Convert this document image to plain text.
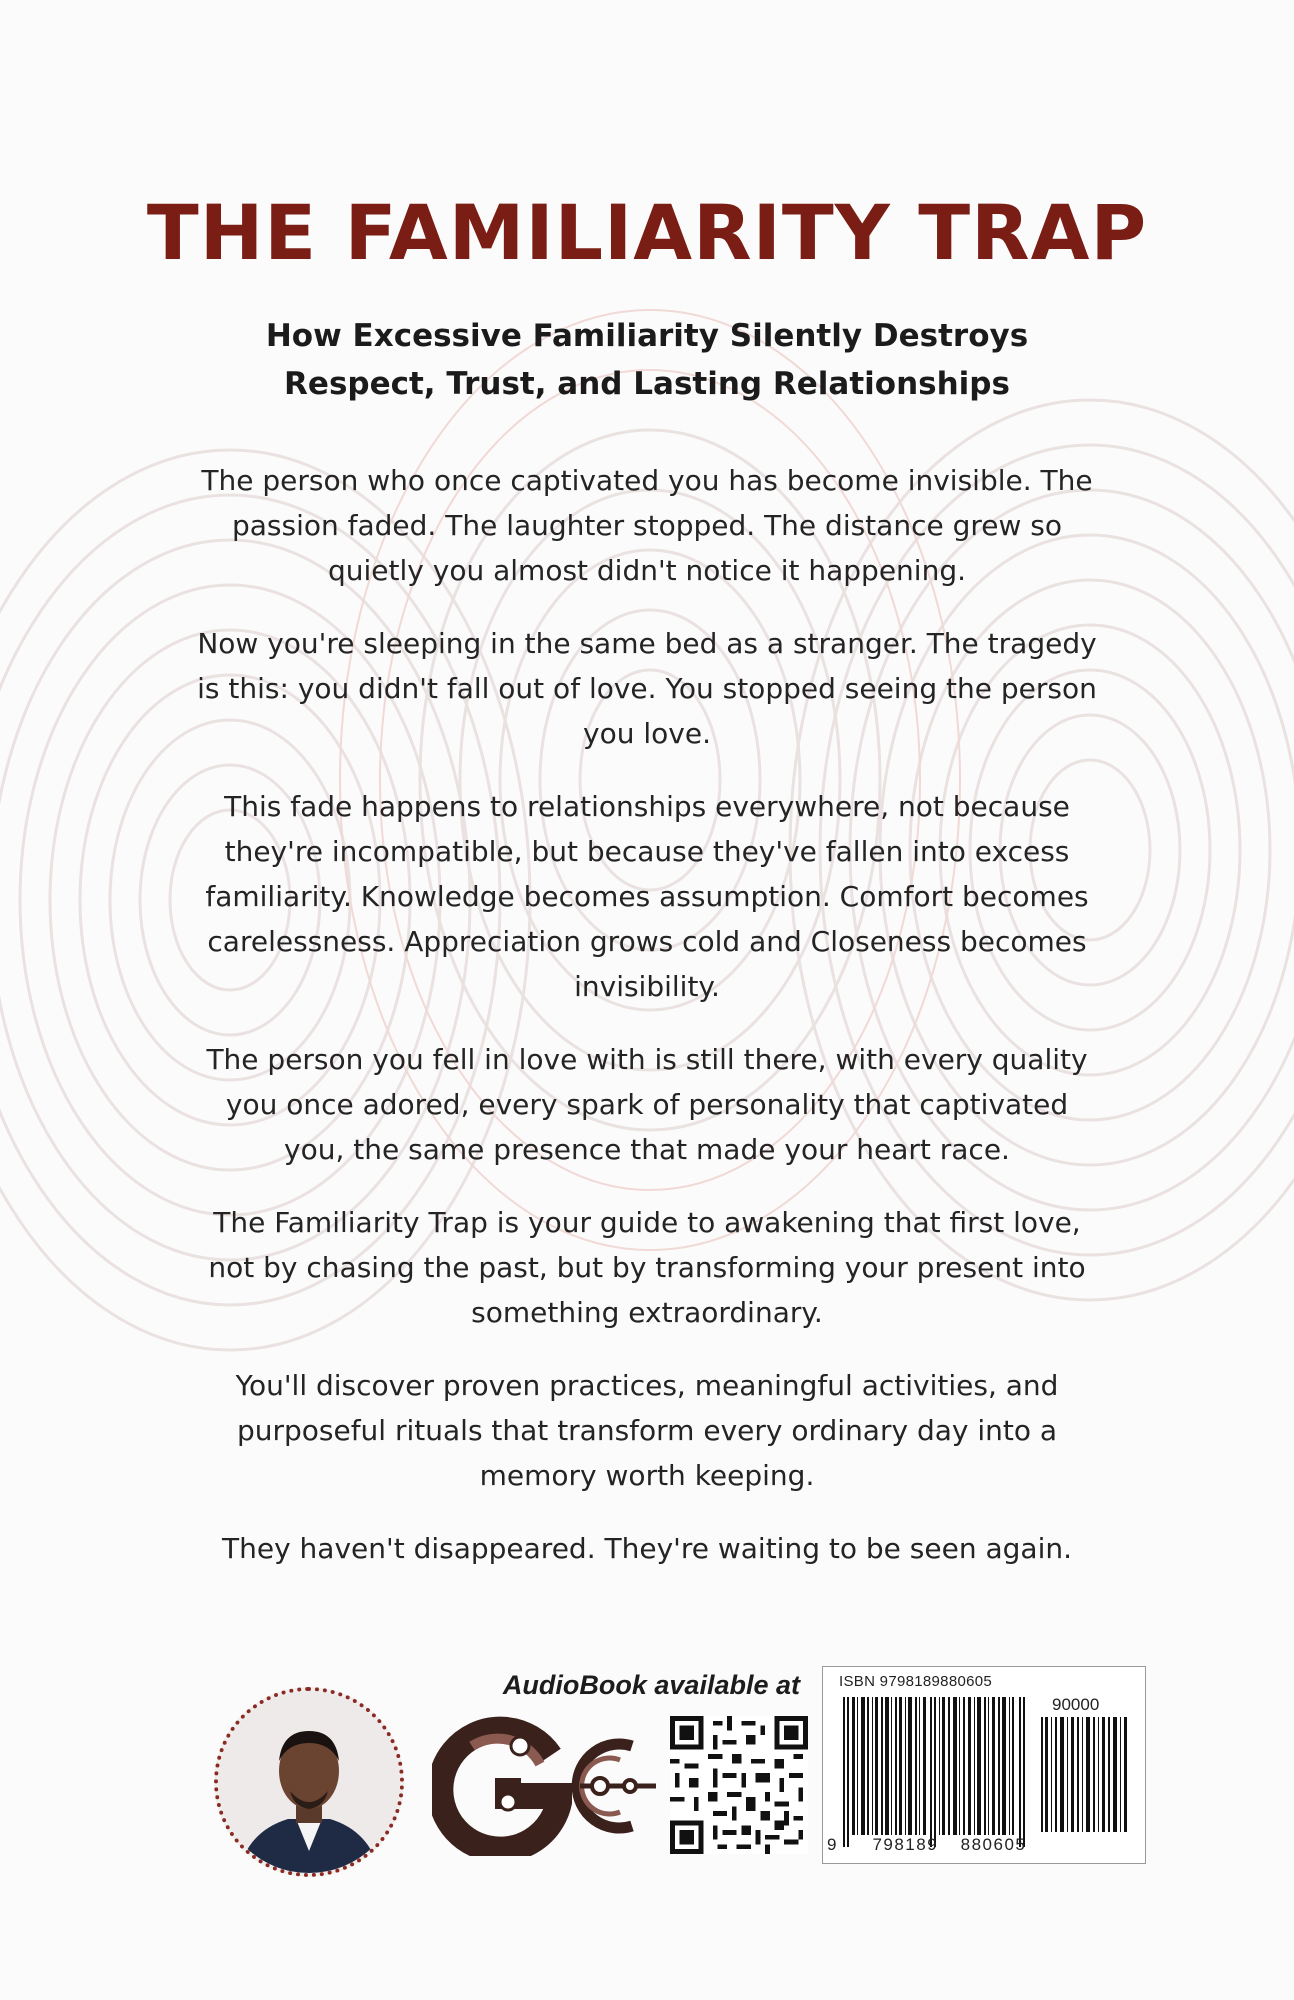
THE FAMILIARITY TRAP
How Excessive Familiarity Silently Destroys
Respect, Trust, and Lasting Relationships

The person who once captivated you has become invisible. The passion faded. The laughter stopped. The distance grew so quietly you almost didn't notice it happening.

Now you're sleeping in the same bed as a stranger. The tragedy is this: you didn't fall out of love. You stopped seeing the person you love.

This fade happens to relationships everywhere, not because they're incompatible, but because they've fallen into excess familiarity. Knowledge becomes assumption. Comfort becomes carelessness. Appreciation grows cold and Closeness becomes invisibility.

The person you fell in love with is still there, with every quality you once adored, every spark of personality that captivated you, the same presence that made your heart race.

The Familiarity Trap is your guide to awakening that first love, not by chasing the past, but by transforming your present into something extraordinary.

You'll discover proven practices, meaningful activities, and purposeful rituals that transform every ordinary day into a memory worth keeping.

They haven't disappeared. They're waiting to be seen again.

AudioBook available at	ISBN 9798189880605
90000
9 798189 880605
